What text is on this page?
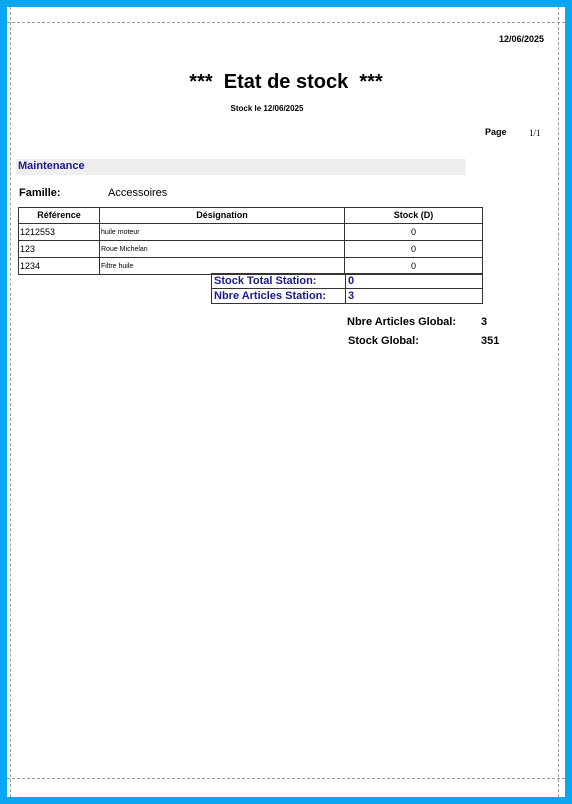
12/06/2025
***  Etat de stock  ***
Stock le 12/06/2025
Page 1/1
Maintenance
Famille:	Accessoires
Référence	Désignation	Stock (D)
1212553	huile moteur	0
123	Roue Michelan	0
1234	Filtre huile	0
Stock Total Station:	0
Nbre Articles Station:	3
Nbre Articles Global: 3
Stock Global:	351
